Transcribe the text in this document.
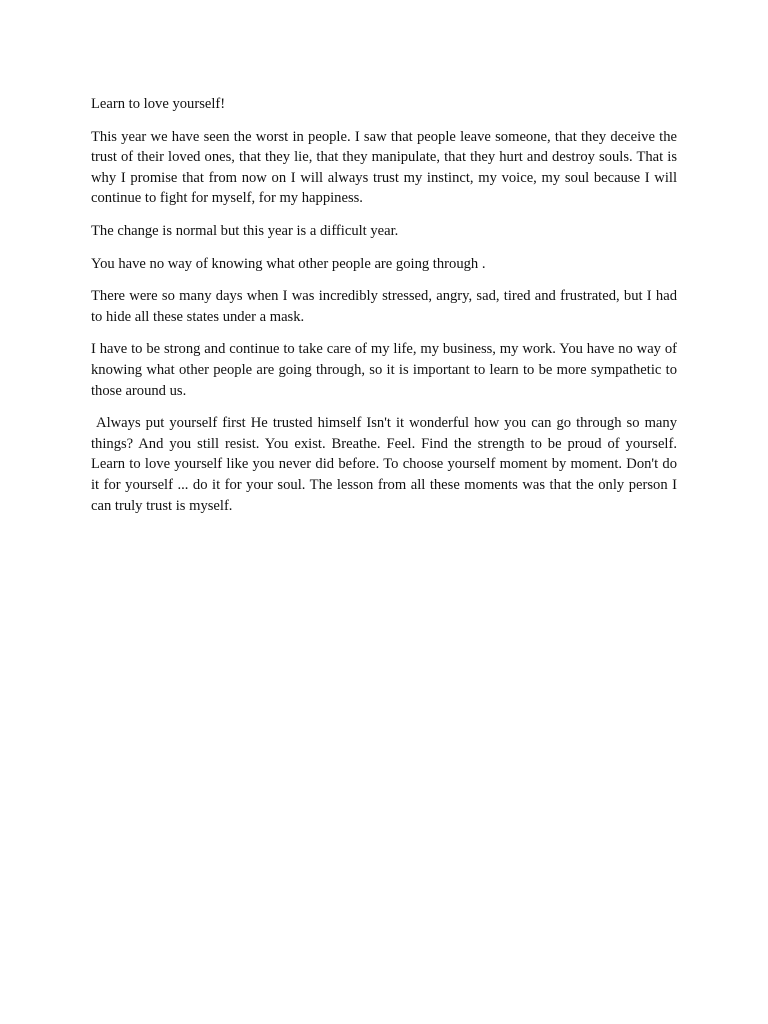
Learn to love yourself!

This year we have seen the worst in people. I saw that people leave someone, that they deceive the trust of their loved ones, that they lie, that they manipulate, that they hurt and destroy souls. That is why I promise that from now on I will always trust my instinct, my voice, my soul because I will continue to fight for myself, for my happiness.

The change is normal but this year is a difficult year.

You have no way of knowing what other people are going through .

There were so many days when I was incredibly stressed, angry, sad, tired and frustrated, but I had to hide all these states under a mask.

I have to be strong and continue to take care of my life, my business, my work. You have no way of knowing what other people are going through, so it is important to learn to be more sympathetic to those around us.

Always put yourself first He trusted himself Isn't it wonderful how you can go through so many things? And you still resist. You exist. Breathe. Feel. Find the strength to be proud of yourself. Learn to love yourself like you never did before. To choose yourself moment by moment. Don't do it for yourself ... do it for your soul. The lesson from all these moments was that the only person I can truly trust is myself.
